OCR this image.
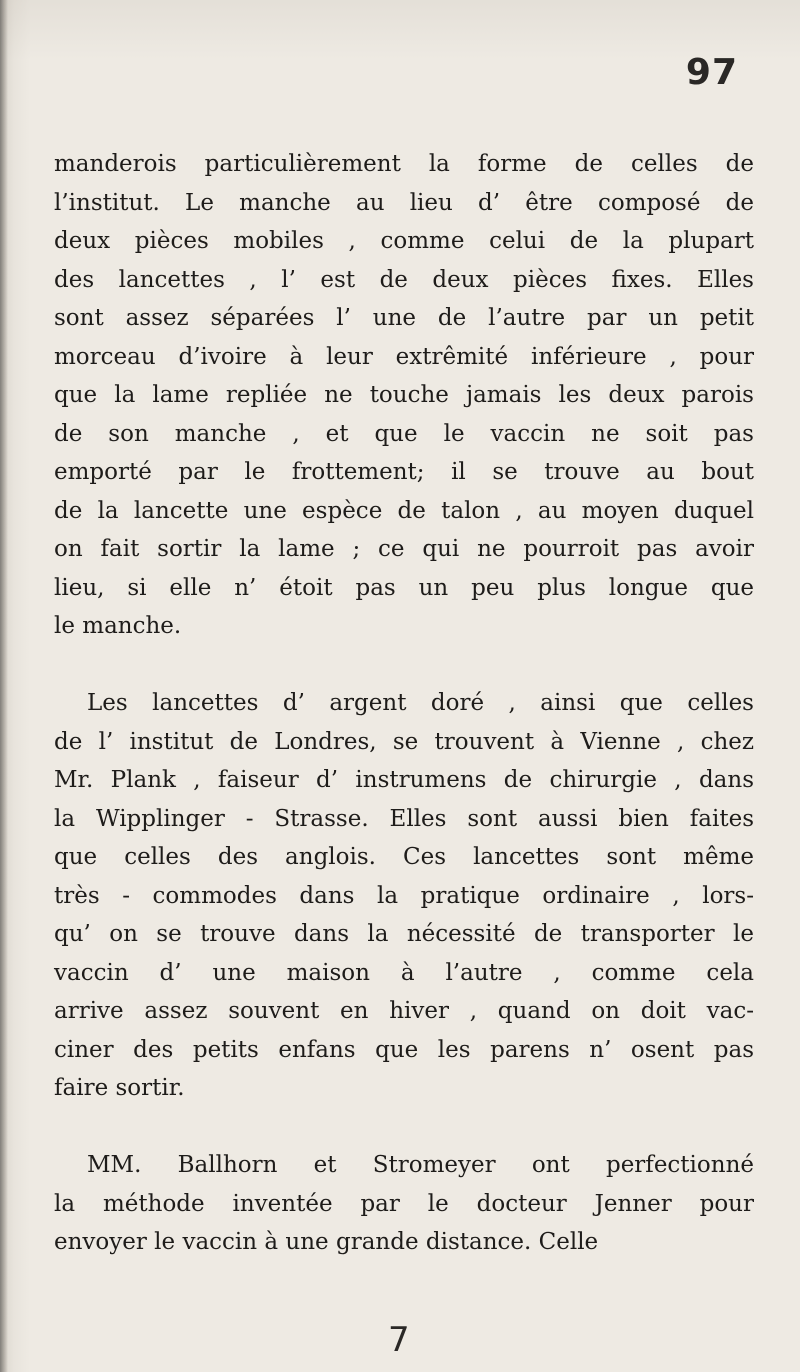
97
manderois particulièrement la forme de celles de
l’institut. Le manche au lieu d’ être composé de
deux pièces mobiles , comme celui de la plupart
des lancettes , l’ est de deux pièces fixes. Elles
sont assez séparées l’ une de l’autre par un petit
morceau d’ivoire à leur extrêmité inférieure , pour
que la lame repliée ne touche jamais les deux parois
de son manche , et que le vaccin ne soit pas
emporté par le frottement; il se trouve au bout
de la lancette une espèce de talon , au moyen duquel
on fait sortir la lame ; ce qui ne pourroit pas avoir
lieu, si elle n’ étoit pas un peu plus longue que
le manche.
Les lancettes d’ argent doré , ainsi que celles
de l’ institut de Londres, se trouvent à Vienne , chez
Mr. Plank , faiseur d’ instrumens de chirurgie , dans
la Wipplinger - Strasse. Elles sont aussi bien faites
que celles des anglois. Ces lancettes sont même
très - commodes dans la pratique ordinaire , lors-
qu’ on se trouve dans la nécessité de transporter le
vaccin d’ une maison à l’autre , comme cela
arrive assez souvent en hiver , quand on doit vac-
ciner des petits enfans que les parens n’ osent pas
faire sortir.
MM. Ballhorn et Stromeyer ont perfectionné
la méthode inventée par le docteur Jenner pour
envoyer le vaccin à une grande distance. Celle
7
